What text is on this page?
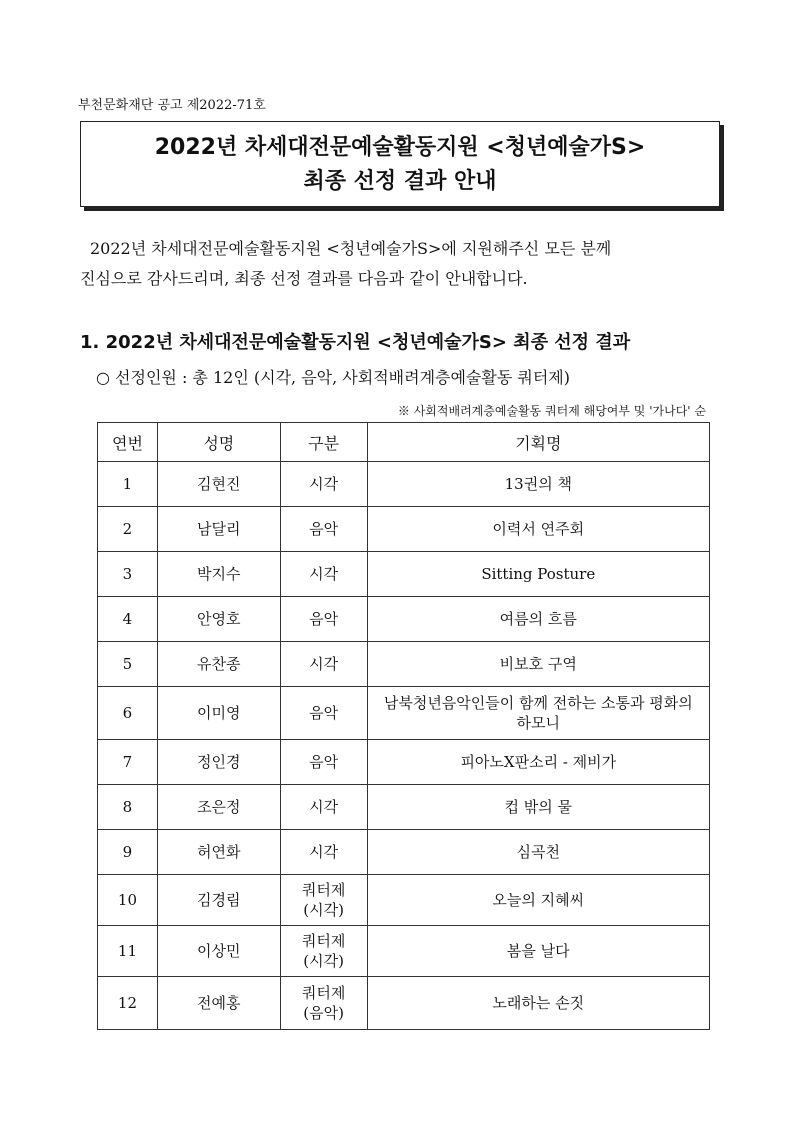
부천문화재단 공고 제2022-71호
2022년 차세대전문예술활동지원 <청년예술가S>
최종 선정 결과 안내
2022년 차세대전문예술활동지원 <청년예술가S>에 지원해주신 모든 분께
진심으로 감사드리며, 최종 선정 결과를 다음과 같이 안내합니다.
1. 2022년 차세대전문예술활동지원 <청년예술가S> 최종 선정 결과
○ 선정인원 : 총 12인 (시각, 음악, 사회적배려계층예술활동 쿼터제)
※ 사회적배려계층예술활동 쿼터제 해당여부 및 '가나다' 순
연번	성명	구분	기획명
1	김현진	시각	13권의 책
2	남달리	음악	이력서 연주회
3	박지수	시각	Sitting Posture
4	안영호	음악	여름의 흐름
5	유찬종	시각	비보호 구역
6	이미영	음악	남북청년음악인들이 함께 전하는 소통과 평화의 하모니
7	정인경	음악	피아노X판소리 - 제비가
8	조은정	시각	컵 밖의 물
9	허연화	시각	심곡천
10	김경림	쿼터제 (시각)	오늘의 지혜씨
11	이상민	쿼터제 (시각)	봄을 날다
12	전예홍	쿼터제 (음악)	노래하는 손짓
